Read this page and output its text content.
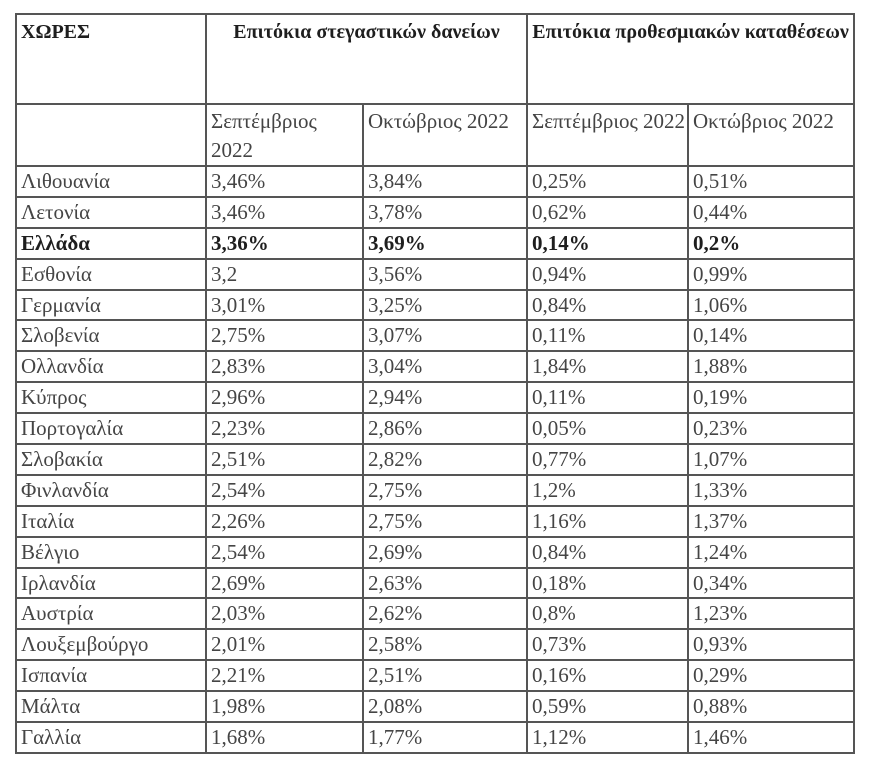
ΧΩΡΕΣ	Επιτόκια στεγαστικών δανείων		Επιτόκια προθεσμιακών καταθέσεων	
	Σεπτέμβριος 2022	Οκτώβριος 2022	Σεπτέμβριος 2022	Οκτώβριος 2022
Λιθουανία	3,46%	3,84%	0,25%	0,51%
Λετονία	3,46%	3,78%	0,62%	0,44%
Ελλάδα	3,36%	3,69%	0,14%	0,2%
Εσθονία	3,2	3,56%	0,94%	0,99%
Γερμανία	3,01%	3,25%	0,84%	1,06%
Σλοβενία	2,75%	3,07%	0,11%	0,14%
Ολλανδία	2,83%	3,04%	1,84%	1,88%
Κύπρος	2,96%	2,94%	0,11%	0,19%
Πορτογαλία	2,23%	2,86%	0,05%	0,23%
Σλοβακία	2,51%	2,82%	0,77%	1,07%
Φινλανδία	2,54%	2,75%	1,2%	1,33%
Ιταλία	2,26%	2,75%	1,16%	1,37%
Βέλγιο	2,54%	2,69%	0,84%	1,24%
Ιρλανδία	2,69%	2,63%	0,18%	0,34%
Αυστρία	2,03%	2,62%	0,8%	1,23%
Λουξεμβούργο	2,01%	2,58%	0,73%	0,93%
Ισπανία	2,21%	2,51%	0,16%	0,29%
Μάλτα	1,98%	2,08%	0,59%	0,88%
Γαλλία	1,68%	1,77%	1,12%	1,46%
